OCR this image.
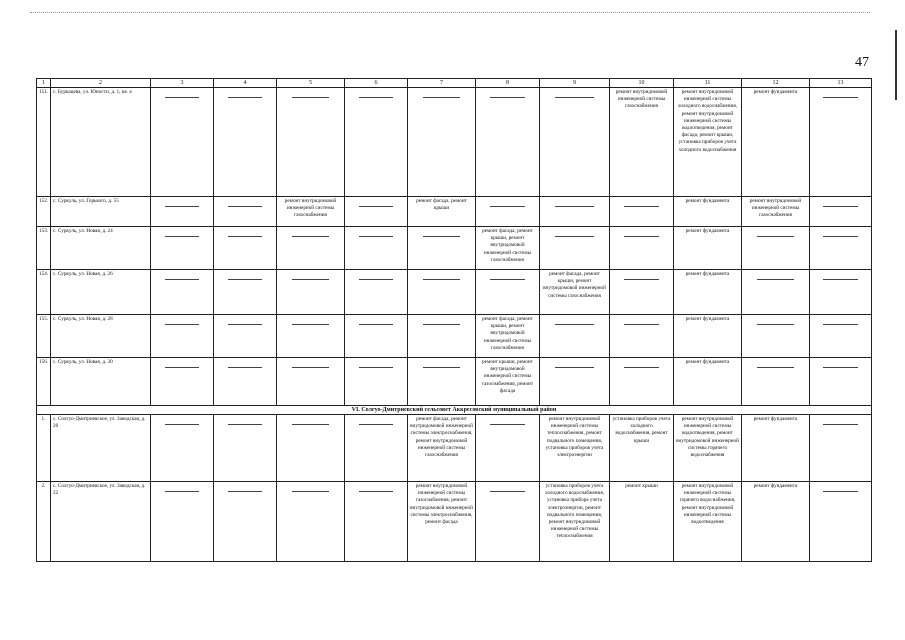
47
1	2	3	4	5	6	7	8	9	10	11	12	13
151.	с. Буркацева, ул. Юности, д. 1, кв. а								ремонт внутридомовой инженерной системы газоснабжения	ремонт внутридомовой инженерной системы холодного водоснабжения, ремонт внутридомовой инженерной системы водоотведения, ремонт фасада, ремонт крыши, установка приборов учета холодного водоснабжения	ремонт фундамента	

152.	с. Суркуль, ул. Горького, д. 55			ремонт внутридомовой инженерной системы газоснабжения		ремонт фасада, ремонт крыши				ремонт фундамента	ремонт внутридомовой инженерной системы газоснабжения	

153.	с. Суркуль, ул. Новая, д. 24						ремонт фасада, ремонт крыши, ремонт внутридомовой инженерной системы газоснабжения			ремонт фундамента	

154.	с. Суркуль, ул. Новая, д. 26							ремонт фасада, ремонт крыши, ремонт внутридомовой инженерной системы газоснабжения		ремонт фундамента	

155.	с. Суркуль, ул. Новая, д. 28						ремонт фасада, ремонт крыши, ремонт внутридомовой инженерной системы газоснабжения			ремонт фундамента	

156.	с. Суркуль, ул. Новая, д. 30						ремонт крыши, ремонт внутридомовой инженерной системы газоснабжения, ремонт фасада			ремонт фундамента	

VI. Солгуо-Дмитриевский сельсовет Аккресовский муниципальный район												
1.	с. Солгуо-Дмитриевское, ул. Заводская, д. 20					ремонт фасада, ремонт внутридомовой инженерной системы электроснабжения, ремонт внутридомовой инженерной системы газоснабжения		ремонт внутридомовой инженерной системы теплоснабжения, ремонт подвального помещения, установка приборов учета электроэнергии	установка приборов учета холодного водоснабжения, ремонт крыши	ремонт внутридомовой инженерной системы водоотведения, ремонт внутридомовой инженерной системы горячего водоснабжения	ремонт фундамента	

2.	с. Солгуо-Дмитриевское, ул. Заводская, д. 22					ремонт внутридомовой инженерной системы газоснабжения, ремонт внутридомовой инженерной системы электроснабжения, ремонт фасада		установка приборов учета холодного водоснабжения, установка прибора учета электроэнергии, ремонт подвального помещения, ремонт внутридомовой инженерной системы теплоснабжения	ремонт крыши	ремонт внутридомовой инженерной системы горячего водоснабжения, ремонт внутридомовой инженерной системы водоотведения	ремонт фундамента	
